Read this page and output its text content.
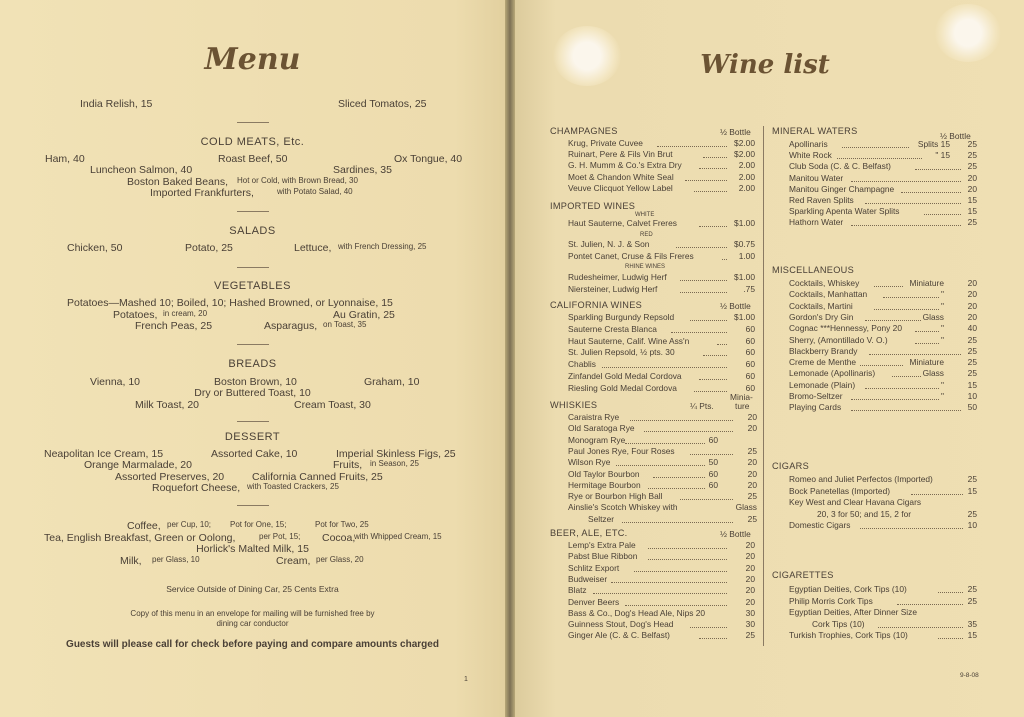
Menu
India Relish, 15	Sliced Tomatos, 25
COLD MEATS, Etc.
Ham, 40	Roast Beef, 50	Ox Tongue, 40
Luncheon Salmon, 40	Sardines, 35
Boston Baked Beans, Hot or Cold, with Brown Bread, 30
Imported Frankfurters,	with Potato Salad, 40
SALADS
Chicken, 50	Potato, 25	Lettuce, with French Dressing, 25
VEGETABLES
Potatoes—Mashed 10; Boiled, 10; Hashed Browned, or Lyonnaise, 15
Potatoes, in cream, 20	Au Gratin, 25
French Peas, 25	Asparagus, on Toast, 35
BREADS
Vienna, 10	Boston Brown, 10	Graham, 10
Dry or Buttered Toast, 10
Milk Toast, 20	Cream Toast, 30
DESSERT
Neapolitan Ice Cream, 15	Assorted Cake, 10	Imperial Skinless Figs, 25
Orange Marmalade, 20	Fruits, in Season, 25
Assorted Preserves, 20	California Canned Fruits, 25
Roquefort Cheese, with Toasted Crackers, 25
Coffee, per Cup, 10; Pot for One, 15;	Pot for Two, 25
Tea, English Breakfast, Green or Oolong,	per Pot, 15; Cocoa,
with Whipped Cream, 15
Horlick's Malted Milk, 15
Milk, per Glass, 10	Cream, per Glass, 20
Service Outside of Dining Car, 25 Cents Extra
Copy of this menu in an envelope for mailing will be furnished free by
dining car conductor
Guests will please call for check before paying and compare amounts charged
1
Wine list
CHAMPAGNES	½ Bottle
Krug, Private Cuvee	$2.00
Ruinart, Pere & Fils Vin Brut	$2.00
G. H. Mumm & Co.'s Extra Dry	2.00
Moet & Chandon White Seal	2.00
Veuve Clicquot Yellow Label	2.00
IMPORTED WINES
WHITE
Haut Sauterne, Calvet Freres	$1.00
RED
St. Julien, N. J. & Son	$0.75
Pontet Canet, Cruse & Fils Freres	1.00
RHINE WINES
Rudesheimer, Ludwig Herf	$1.00
Niersteiner, Ludwig Herf	.75
CALIFORNIA WINES	½ Bottle
Sparkling Burgundy Repsold	$1.00
Sauterne Cresta Blanca	60
Haut Sauterne, Calif. Wine Ass'n	60
St. Julien Repsold, ½ pts. 30	60
Chablis	60
Zinfandel Gold Medal Cordova	60
Riesling Gold Medal Cordova	60
Minia-
WHISKIES	¼ Pts.	ture
Caraistra Rye	20
Old Saratoga Rye	20
Monogram Rye	60
Paul Jones Rye, Four Roses	25
Wilson Rye	50	20
Old Taylor Bourbon	60	20
Hermitage Bourbon	60	20
Rye or Bourbon High Ball	25
Ainslie's Scotch Whiskey with	Glass
Seltzer	25
BEER, ALE, ETC.	½ Bottle
Lemp's Extra Pale	20
Pabst Blue Ribbon	20
Schlitz Export	20
Budweiser	20
Blatz	20
Denver Beers	20
Bass & Co., Dog's Head Ale, Nips 20	30
Guinness Stout, Dog's Head	30
Ginger Ale (C. & C. Belfast)	25
MINERAL WATERS	½ Bottle
Apollinaris	Splits 15	25
White Rock	" 15	25
Club Soda (C. & C. Belfast)	25
Manitou Water	20
Manitou Ginger Champagne	20
Red Raven Splits	15
Sparkling Apenta Water Splits	15
Hathorn Water	25
MISCELLANEOUS
Cocktails, Whiskey	Miniature	20
Cocktails, Manhattan	"	20
Cocktails, Martini	"	20
Gordon's Dry Gin	Glass	20
Cognac ***Hennessy, Pony 20	"	40
Sherry, (Amontillado V. O.)	"	25
Blackberry Brandy	25
Creme de Menthe	Miniature	25
Lemonade (Apollinaris)	Glass	25
Lemonade (Plain)	"	15
Bromo-Seltzer	"	10
Playing Cards	50
CIGARS
Romeo and Juliet Perfectos (Imported)	25
Bock Panetellas (Imported)	15
Key West and Clear Havana Cigars
20, 3 for 50; and 15, 2 for	25
Domestic Cigars	10
CIGARETTES
Egyptian Deities, Cork Tips (10)	25
Philip Morris Cork Tips	25
Egyptian Deities, After Dinner Size
Cork Tips (10)	35
Turkish Trophies, Cork Tips (10)	15
9-8-08
